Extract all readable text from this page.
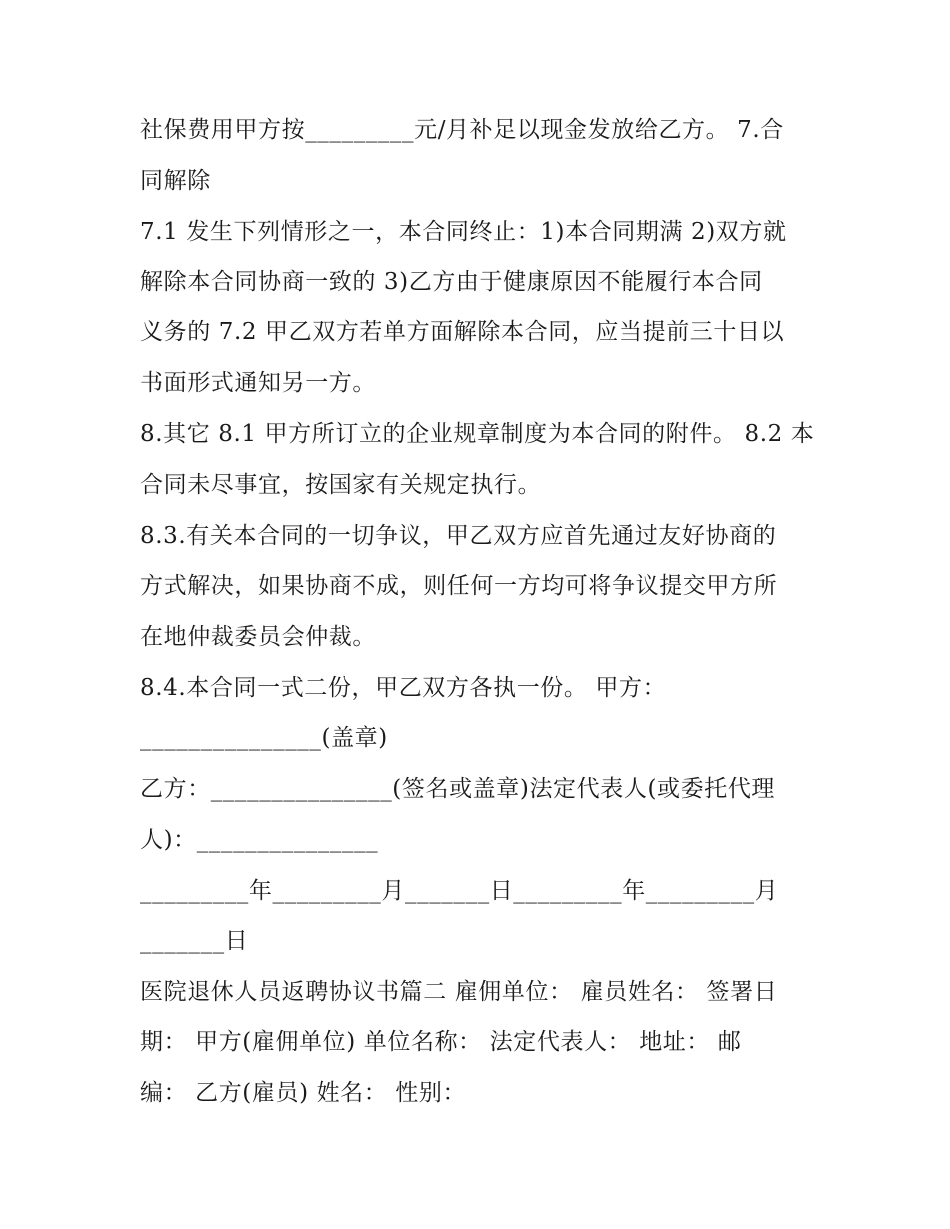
社保费用甲方按_________元/月补足以现金发放给乙方。 7.合
同解除
7.1 发生下列情形之一，本合同终止：1)本合同期满 2)双方就
解除本合同协商一致的 3)乙方由于健康原因不能履行本合同
义务的 7.2 甲乙双方若单方面解除本合同，应当提前三十日以
书面形式通知另一方。
8.其它 8.1 甲方所订立的企业规章制度为本合同的附件。 8.2 本
合同未尽事宜，按国家有关规定执行。
8.3.有关本合同的一切争议，甲乙双方应首先通过友好协商的
方式解决，如果协商不成，则任何一方均可将争议提交甲方所
在地仲裁委员会仲裁。
8.4.本合同一式二份，甲乙双方各执一份。 甲方：
_______________(盖章)
乙方：_______________(签名或盖章)法定代表人(或委托代理
人)：_______________
_________年_________月_______日_________年_________月
_______日
医院退休人员返聘协议书篇二 雇佣单位： 雇员姓名： 签署日
期： 甲方(雇佣单位) 单位名称： 法定代表人： 地址： 邮
编： 乙方(雇员) 姓名： 性别：
